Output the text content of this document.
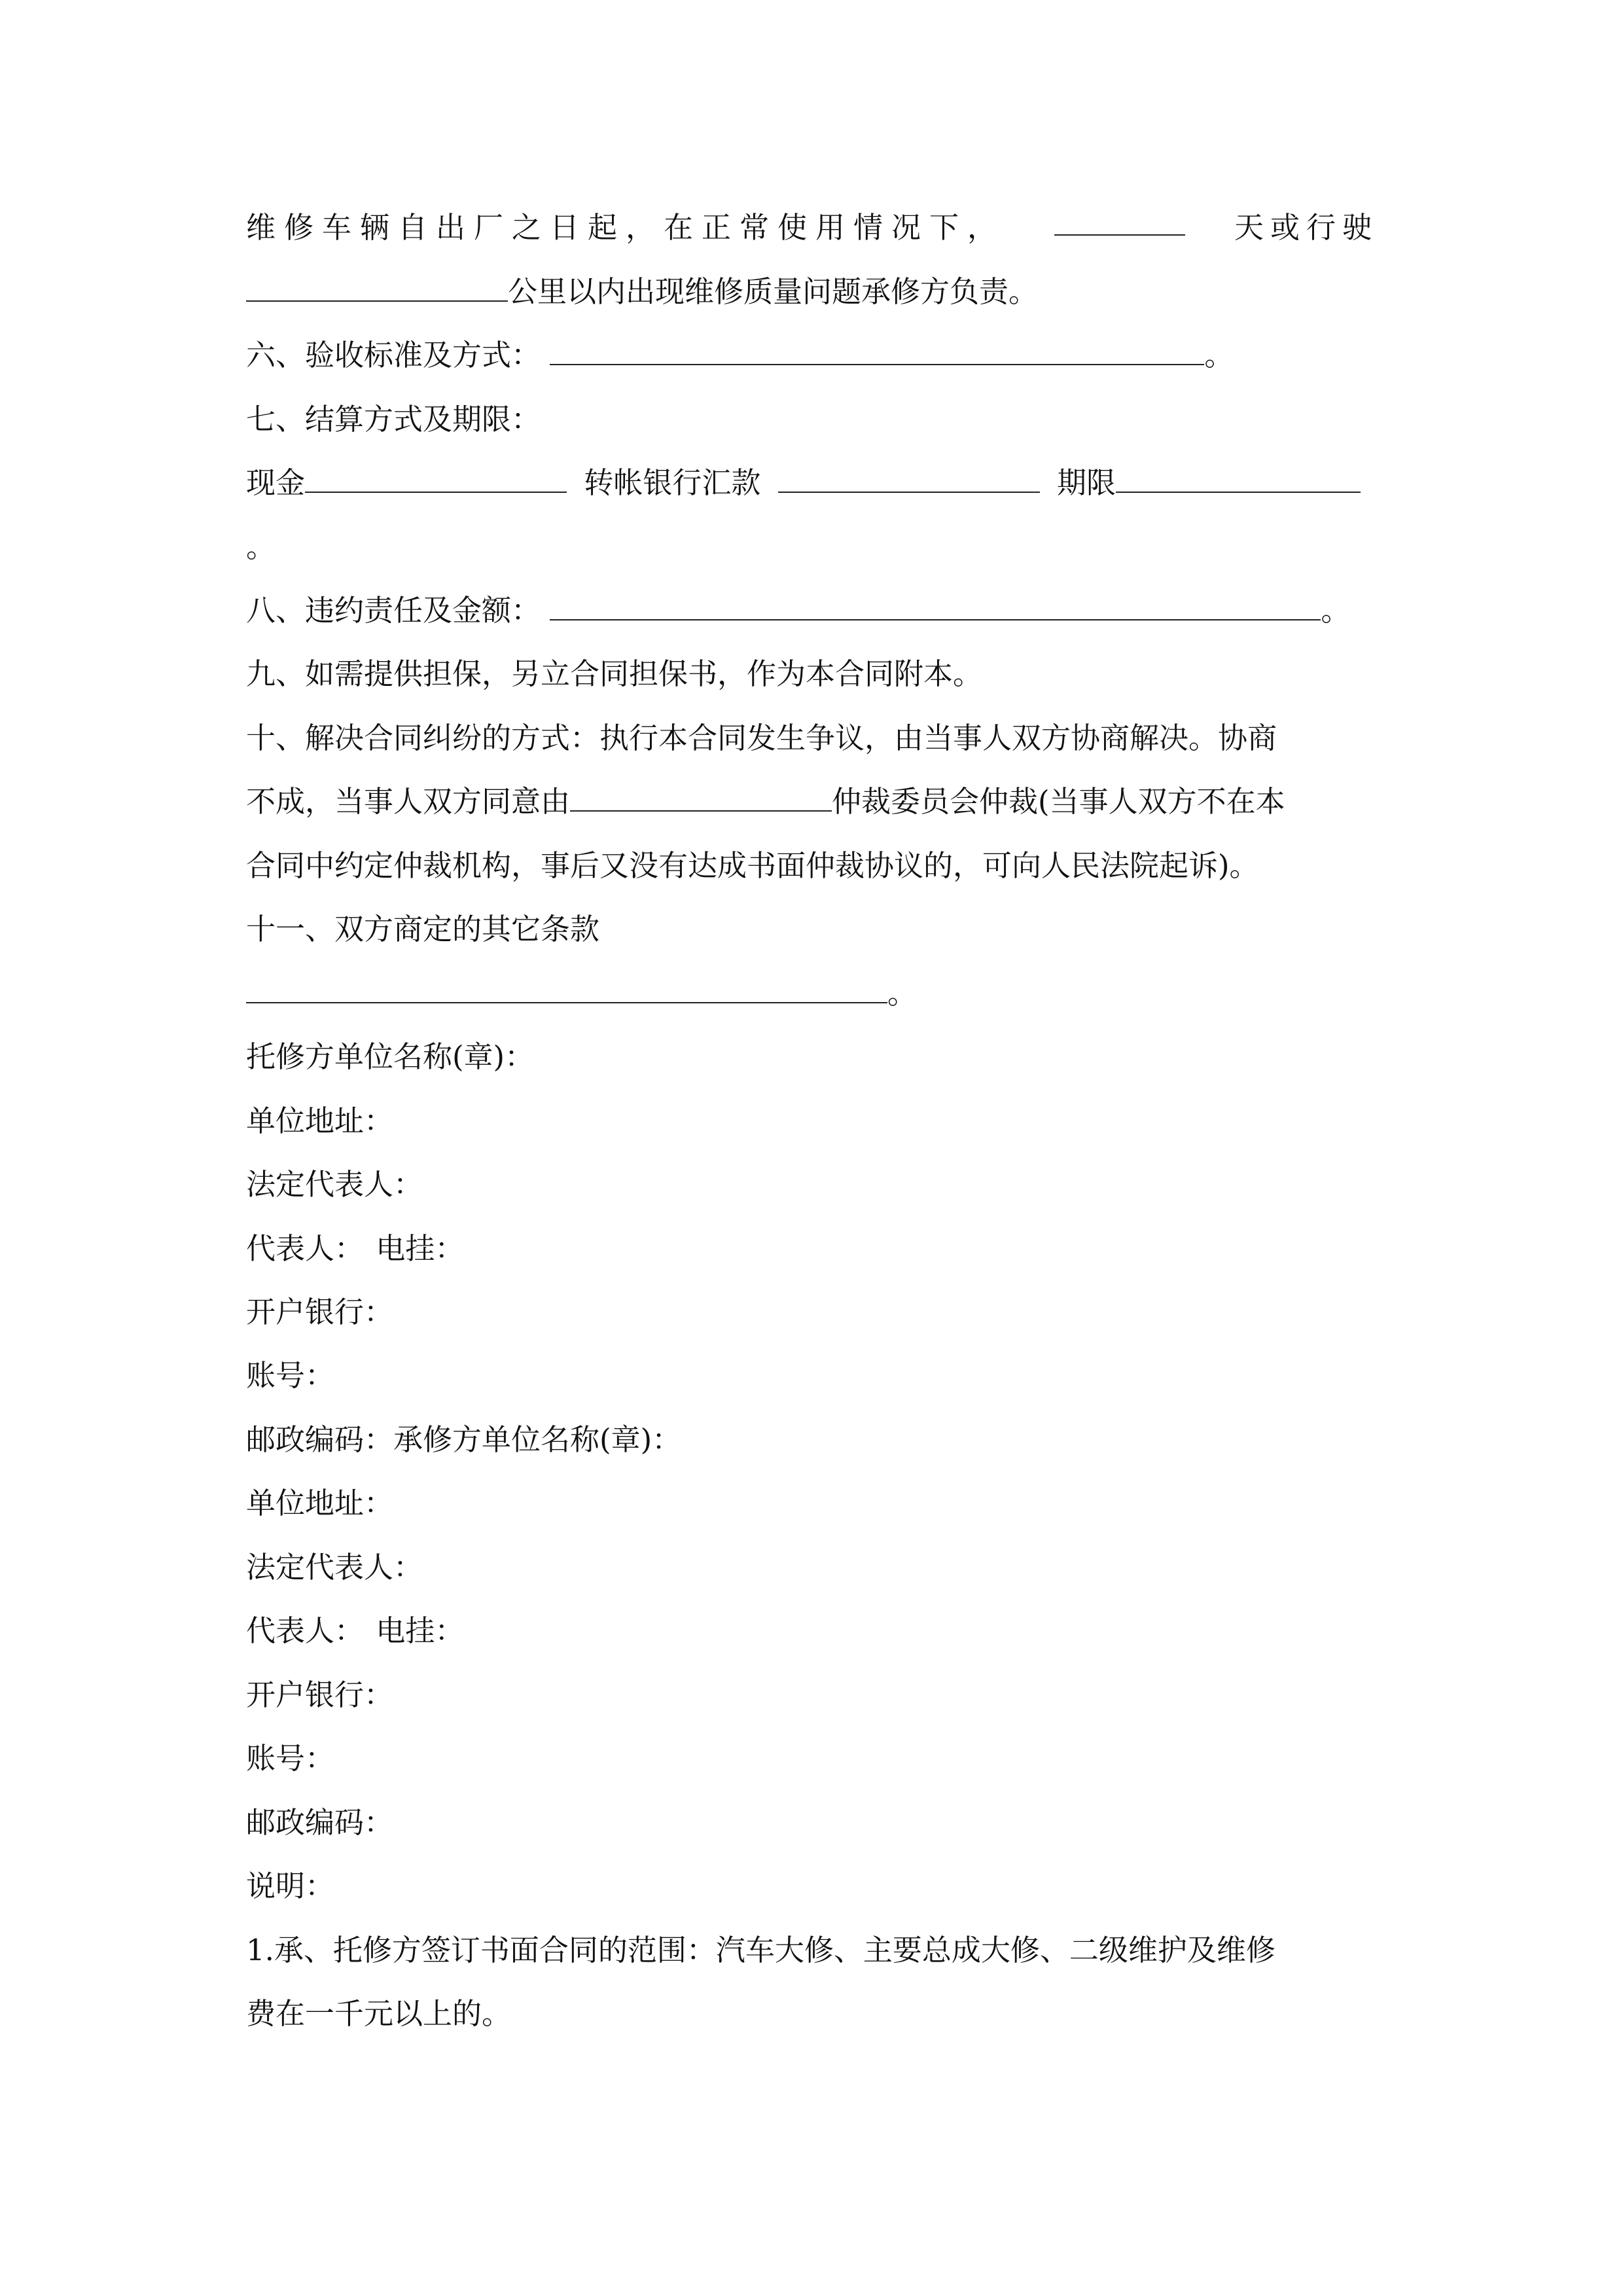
维修车辆自出厂之日起，在正常使用情况下，	天或行驶
公里以内出现维修质量问题承修方负责。
六、验收标准及方式：	。
七、结算方式及期限：
现金	转帐银行汇款	期限
。
八、违约责任及金额：	。
九、如需提供担保，另立合同担保书，作为本合同附本。
十、解决合同纠纷的方式：执行本合同发生争议，由当事人双方协商解决。协商
不成，当事人双方同意由	仲裁委员会仲裁(当事人双方不在本
合同中约定仲裁机构，事后又没有达成书面仲裁协议的，可向人民法院起诉)。
十一、双方商定的其它条款
。
托修方单位名称(章)：
单位地址：
法定代表人：
代表人： 电挂：
开户银行：
账号：
邮政编码：承修方单位名称(章)：
单位地址：
法定代表人：
代表人： 电挂：
开户银行：
账号：
邮政编码：
说明：
1.承、托修方签订书面合同的范围：汽车大修、主要总成大修、二级维护及维修
费在一千元以上的。
